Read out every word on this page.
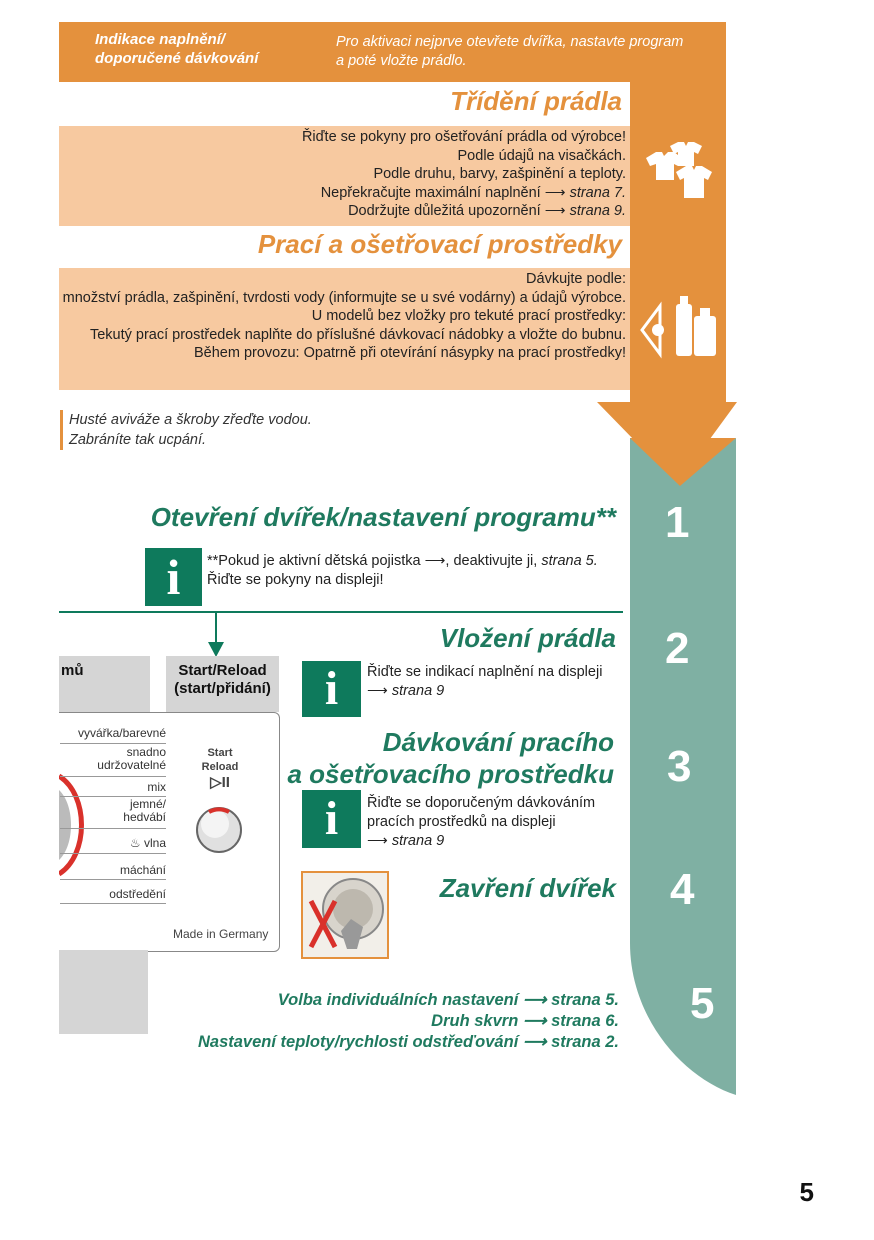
Indikace naplnění/
doporučené dávkování
Pro aktivaci nejprve otevřete dvířka, nastavte program
a poté vložte prádlo.
Třídění prádla
Řiďte se pokyny pro ošetřování prádla od výrobce!
Podle údajů na visačkách.
Podle druhu, barvy, zašpinění a teploty.
Nepřekračujte maximální naplnění ⟶ strana 7.
Dodržujte důležitá upozornění ⟶ strana 9.
Prací a ošetřovací prostředky
Dávkujte podle:
množství prádla, zašpinění, tvrdosti vody (informujte se u své vodárny) a údajů výrobce.
U modelů bez vložky pro tekuté prací prostředky:
Tekutý prací prostředek naplňte do příslušné dávkovací nádobky a vložte do bubnu.
Během provozu: Opatrně při otevírání násypky na prací prostředky!
Husté aviváže a škroby zřeďte vodou.
Zabráníte tak ucpání.
1
2
3
4
5
Otevření dvířek/nastavení programu**
i	**Pokud je aktivní dětská pojistka ⟶, deaktivujte ji, strana 5.
Řiďte se pokyny na displeji!
Vložení prádla
i	Řiďte se indikací naplnění na displeji
⟶ strana 9
Dávkování pracího
a ošetřovacího prostředku
i	Řiďte se doporučeným dávkováním
pracích prostředků na displeji
⟶ strana 9
Zavření dvířek
mů	Start/Reload
(start/přidání)
vyvářka/barevné
snadno
udržovatelné
mix
jemné/
hedvábí
♨ vlna
máchání
odstředění
Start
Reload
▷II
Made in Germany
Volba individuálních nastavení ⟶ strana 5.
Druh skvrn ⟶ strana 6.
Nastavení teploty/rychlosti odstřeďování ⟶ strana 2.
5
